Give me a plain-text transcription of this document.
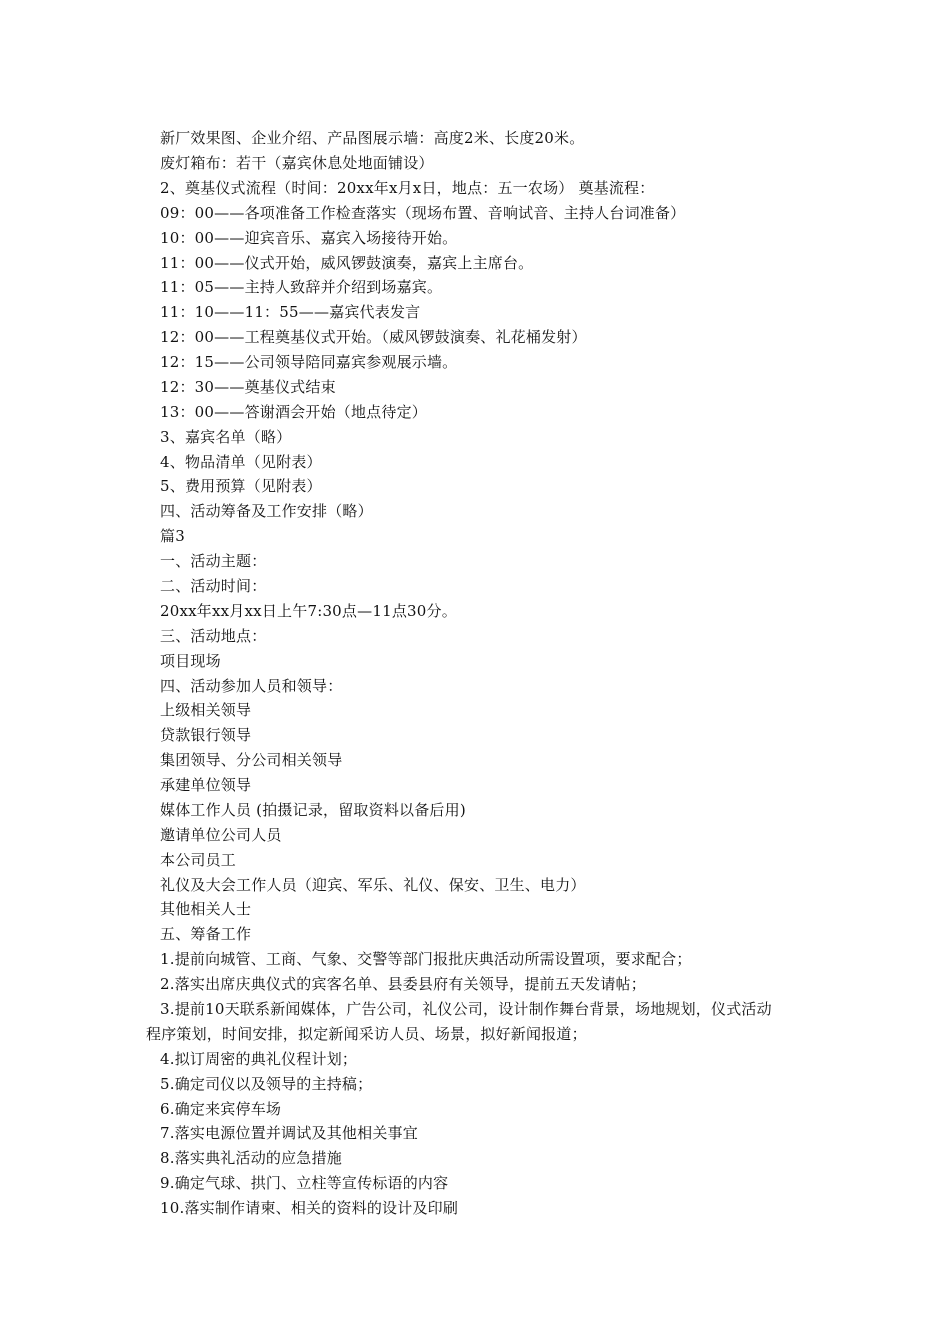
新厂效果图、企业介绍、产品图展示墙：高度2米、长度20米。
废灯箱布：若干（嘉宾休息处地面铺设）
2、奠基仪式流程（时间：20xx年x月x日，地点：五一农场） 奠基流程：
09：00——各项准备工作检查落实（现场布置、音响试音、主持人台词准备）
10：00——迎宾音乐、嘉宾入场接待开始。
11：00——仪式开始，威风锣鼓演奏，嘉宾上主席台。
11：05——主持人致辞并介绍到场嘉宾。
11：10——11：55——嘉宾代表发言
12：00——工程奠基仪式开始。（威风锣鼓演奏、礼花桶发射）
12：15——公司领导陪同嘉宾参观展示墙。
12：30——奠基仪式结束
13：00——答谢酒会开始（地点待定）
3、嘉宾名单（略）
4、物品清单（见附表）
5、费用预算（见附表）
四、活动筹备及工作安排（略）
篇3
一、活动主题：
二、活动时间：
20xx年xx月xx日上午7:30点—11点30分。
三、活动地点：
项目现场
四、活动参加人员和领导：
上级相关领导
贷款银行领导
集团领导、分公司相关领导
承建单位领导
媒体工作人员 (拍摄记录，留取资料以备后用)
邀请单位公司人员
本公司员工
礼仪及大会工作人员（迎宾、军乐、礼仪、保安、卫生、电力）
其他相关人士
五、筹备工作
1.提前向城管、工商、气象、交警等部门报批庆典活动所需设置项，要求配合；
2.落实出席庆典仪式的宾客名单、县委县府有关领导，提前五天发请帖；
3.提前10天联系新闻媒体，广告公司，礼仪公司，设计制作舞台背景，场地规划，仪式活动
程序策划，时间安排，拟定新闻采访人员、场景，拟好新闻报道；
4.拟订周密的典礼仪程计划；
5.确定司仪以及领导的主持稿；
6.确定来宾停车场
7.落实电源位置并调试及其他相关事宜
8.落实典礼活动的应急措施
9.确定气球、拱门、立柱等宣传标语的内容
10.落实制作请柬、相关的资料的设计及印刷
